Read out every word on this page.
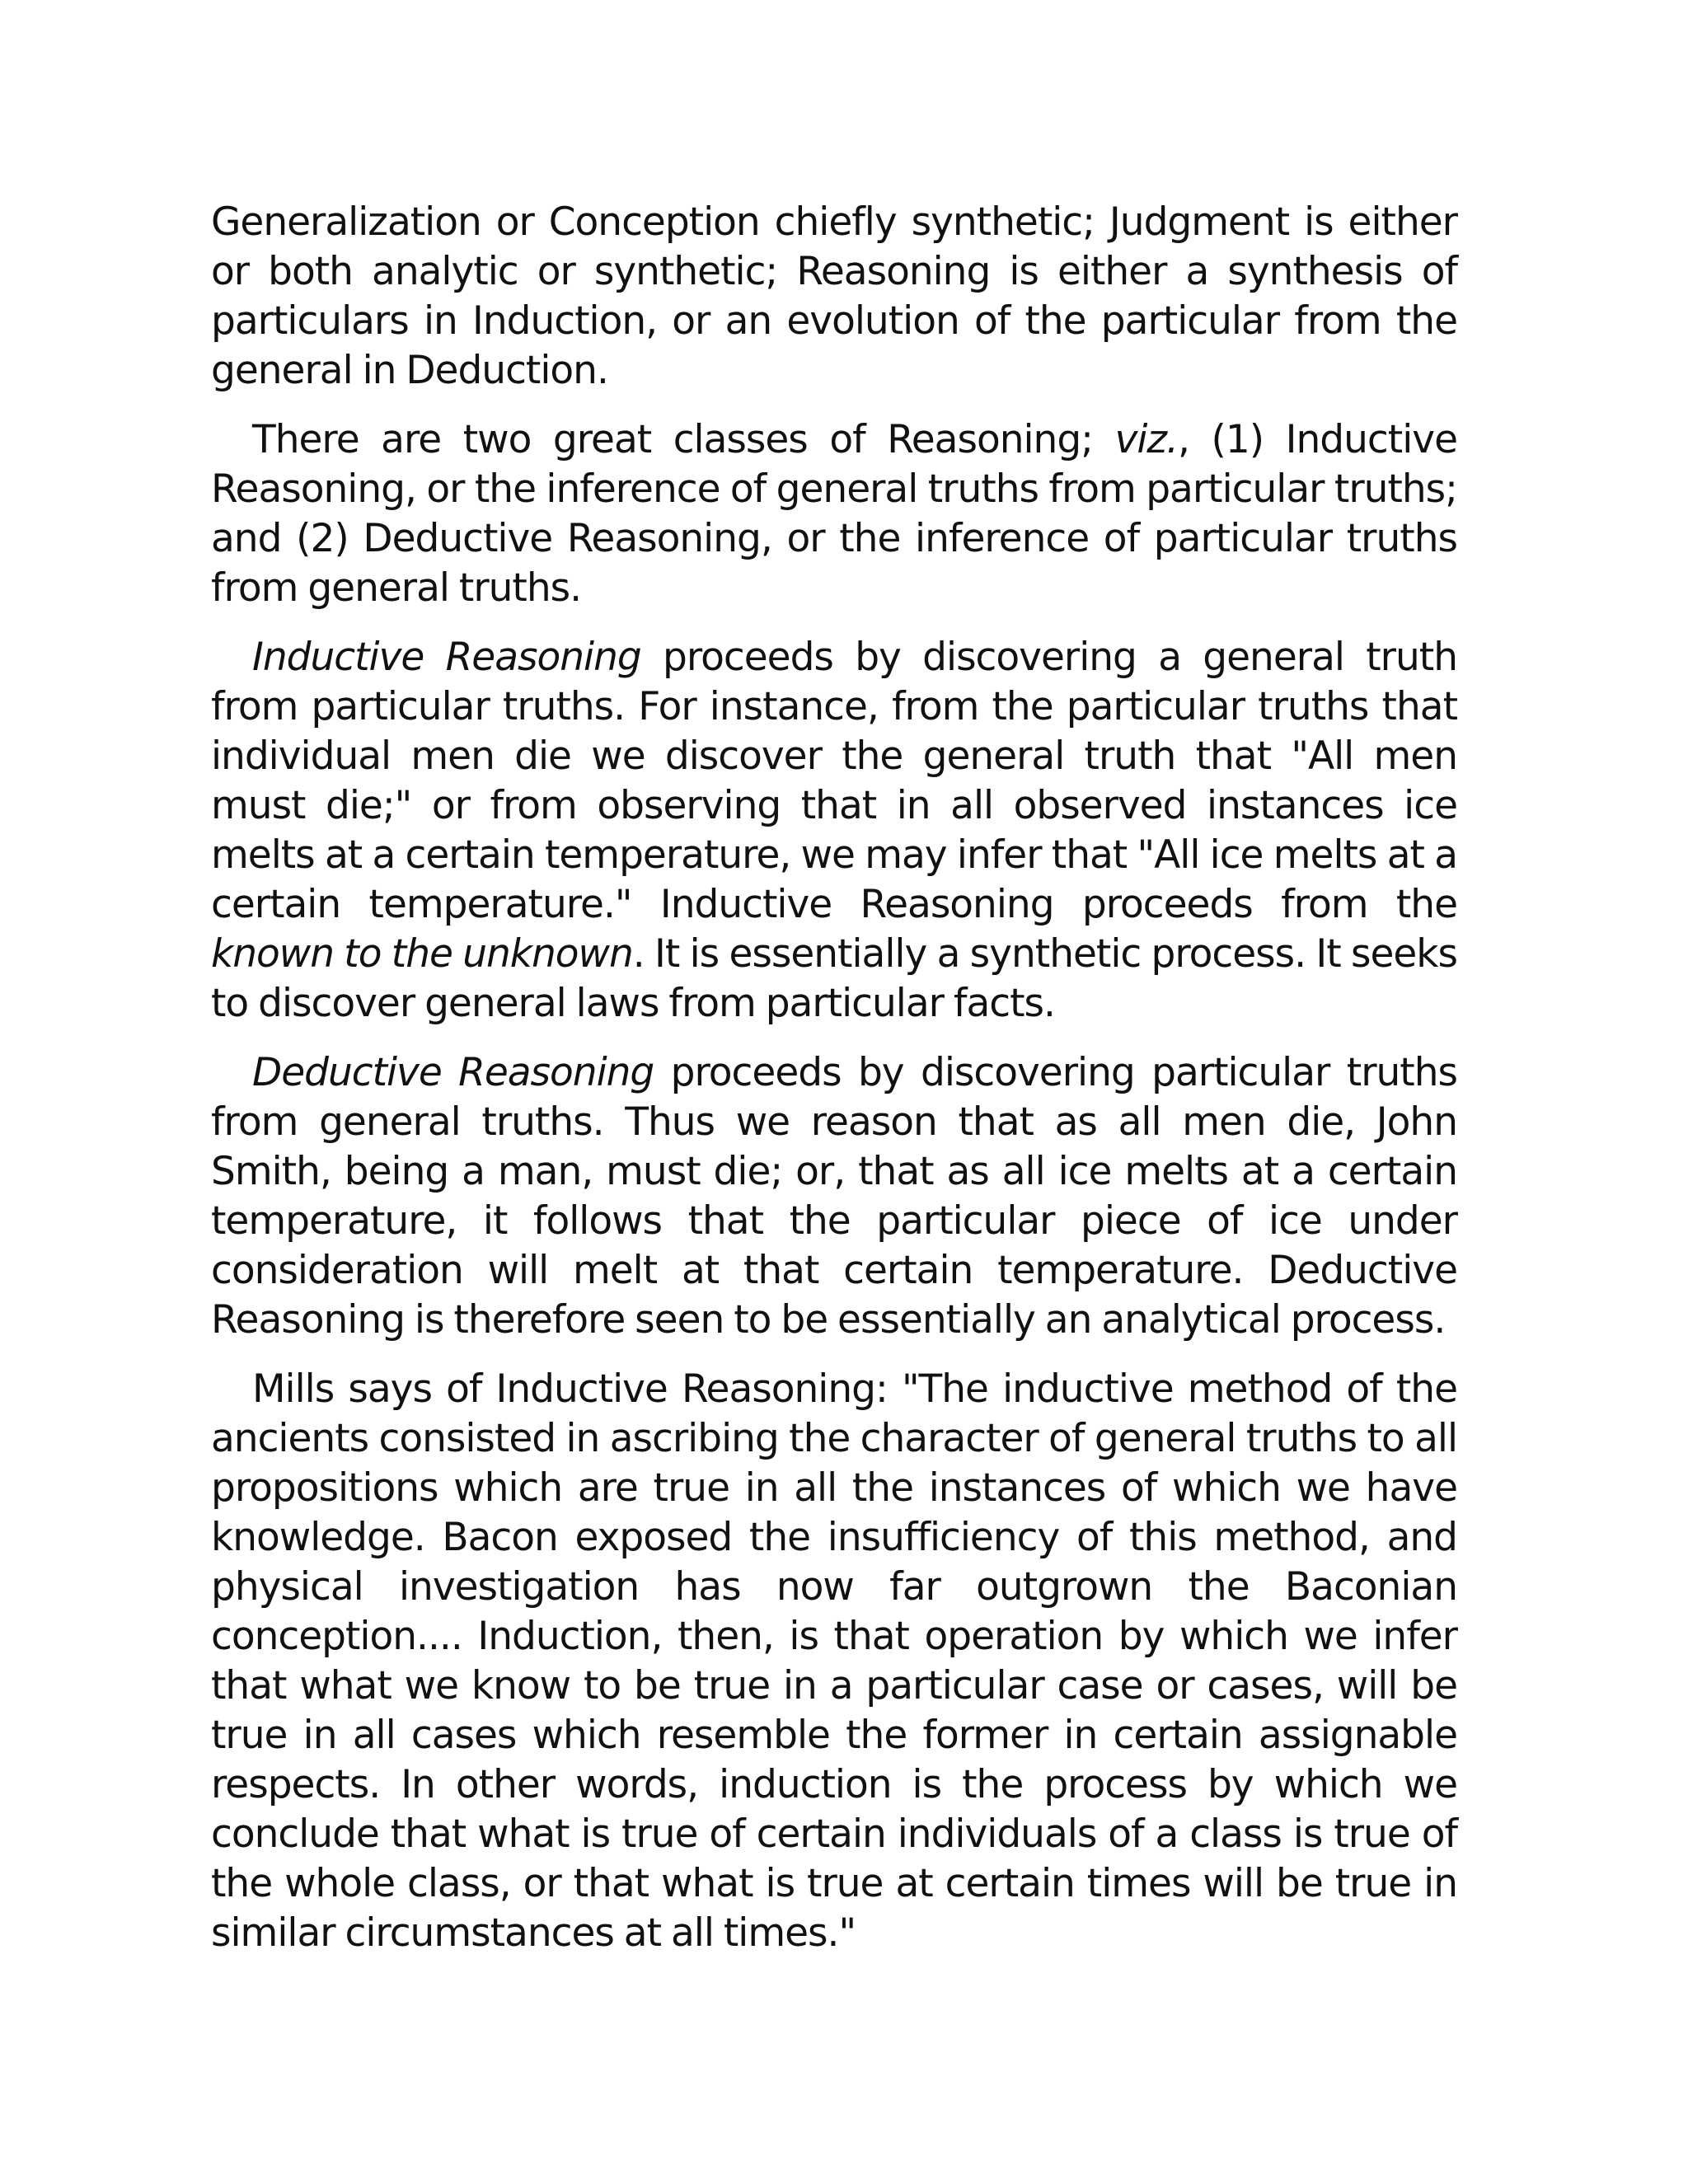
Generalization or Conception chiefly synthetic; Judgment is either or both analytic or synthetic; Reasoning is either a synthesis of particulars in Induction, or an evolution of the particular from the general in Deduction.

There are two great classes of Reasoning; viz., (1) Inductive Reasoning, or the inference of general truths from particular truths; and (2) Deductive Reasoning, or the inference of particular truths from general truths.

Inductive Reasoning proceeds by discovering a general truth from particular truths. For instance, from the particular truths that individual men die we discover the general truth that "All men must die;" or from observing that in all observed instances ice melts at a certain temperature, we may infer that "All ice melts at a certain temperature." Inductive Reasoning proceeds from the known to the unknown. It is essentially a synthetic process. It seeks to discover general laws from particular facts.

Deductive Reasoning proceeds by discovering particular truths from general truths. Thus we reason that as all men die, John Smith, being a man, must die; or, that as all ice melts at a certain temperature, it follows that the particular piece of ice under consideration will melt at that certain temperature. Deductive Reasoning is therefore seen to be essentially an analytical process.

Mills says of Inductive Reasoning: "The inductive method of the ancients consisted in ascribing the character of general truths to all propositions which are true in all the instances of which we have knowledge. Bacon exposed the insufficiency of this method, and physical investigation has now far outgrown the Baconian conception.... Induction, then, is that operation by which we infer that what we know to be true in a particular case or cases, will be true in all cases which resemble the former in certain assignable respects. In other words, induction is the process by which we conclude that what is true of certain individuals of a class is true of the whole class, or that what is true at certain times will be true in similar circumstances at all times."
